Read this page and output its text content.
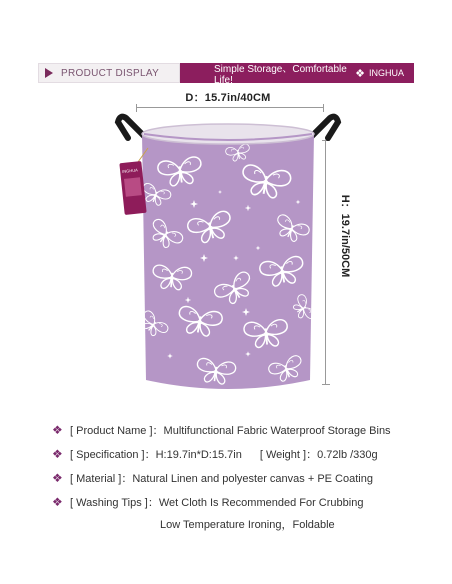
PRODUCT DISPLAY	Simple Storage、Comfortable Life!
❖ INGHUA
D：15.7in/40CM
H：19.7in/50CM
INGHUA
❖ [ Product Name ]：Multifunctional Fabric Waterproof Storage Bins
❖ [ Specification ]：H:19.7in*D:15.7in [ Weight ]：0.72lb /330g
❖ [ Material ]：Natural Linen and polyester canvas + PE Coating
❖ [ Washing Tips ]：Wet Cloth Is Recommended For Crubbing
Low Temperature Ironing，Foldable
